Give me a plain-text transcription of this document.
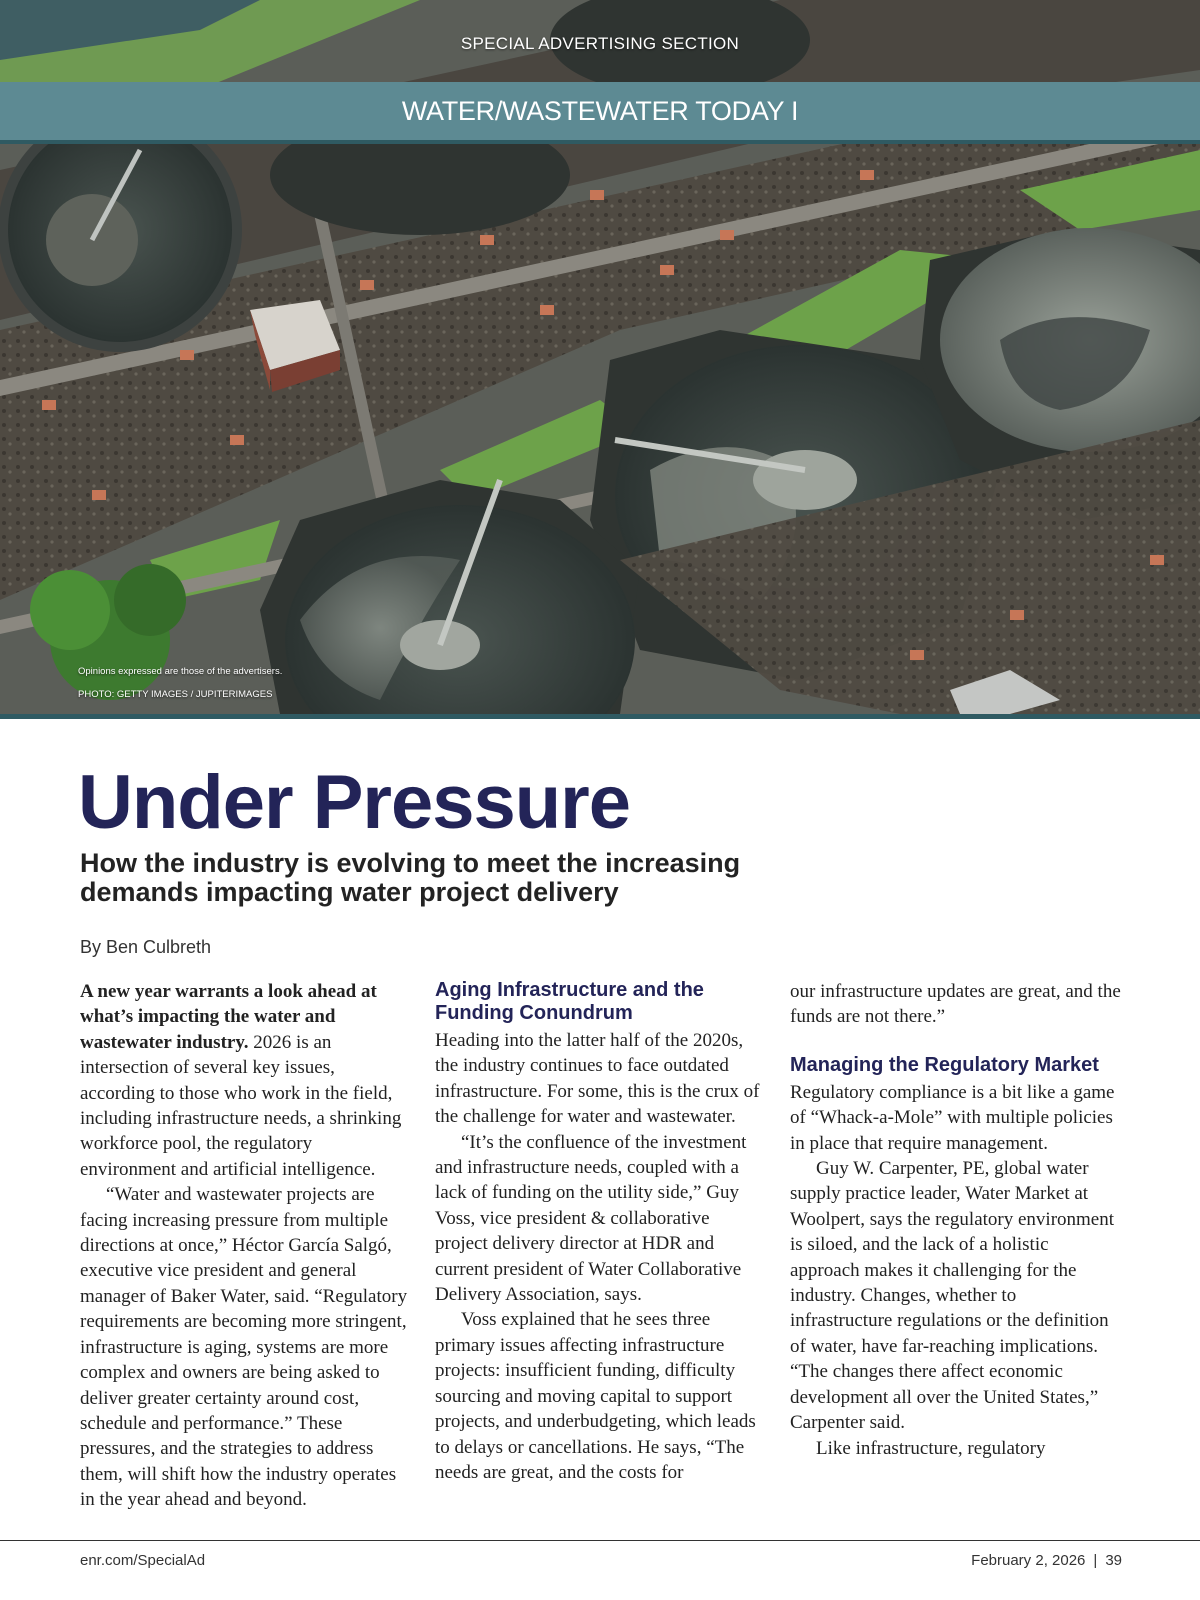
SPECIAL ADVERTISING SECTION
WATER/WASTEWATER TODAY I
Opinions expressed are those of the advertisers.
PHOTO: GETTY IMAGES / JUPITERIMAGES
Under Pressure
How the industry is evolving to meet the increasing demands impacting water project delivery
By Ben Culbreth

A new year warrants a look ahead at what’s impacting the water and wastewater industry. 2026 is an intersection of several key issues, according to those who work in the field, including infrastructure needs, a shrinking workforce pool, the regulatory environment and artificial intelligence.

“Water and wastewater projects are facing increasing pressure from multiple directions at once,” Héctor García Salgó, executive vice president and general manager of Baker Water, said. “Regulatory requirements are becoming more stringent, infrastructure is aging, systems are more complex and owners are being asked to deliver greater certainty around cost, schedule and performance.” These pressures, and the strategies to address them, will shift how the industry operates in the year ahead and beyond.

Aging Infrastructure and the Funding Conundrum

Heading into the latter half of the 2020s, the industry continues to face outdated infrastructure. For some, this is the crux of the challenge for water and wastewater.

“It’s the confluence of the investment and infrastructure needs, coupled with a lack of funding on the utility side,” Guy Voss, vice president & collaborative project delivery director at HDR and current president of Water Collaborative Delivery Association, says.

Voss explained that he sees three primary issues affecting infrastructure projects: insufficient funding, difficulty sourcing and moving capital to support projects, and underbudgeting, which leads to delays or cancellations. He says, “The needs are great, and the costs for

our infrastructure updates are great, and the funds are not there.”

Managing the Regulatory Market

Regulatory compliance is a bit like a game of “Whack-a-Mole” with multiple policies in place that require management.

Guy W. Carpenter, PE, global water supply practice leader, Water Market at Woolpert, says the regulatory environment is siloed, and the lack of a holistic approach makes it challenging for the industry. Changes, whether to infrastructure regulations or the definition of water, have far-reaching implications. “The changes there affect economic development all over the United States,” Carpenter said.

Like infrastructure, regulatory

enr.com/SpecialAd	February 2, 2026 | 39
